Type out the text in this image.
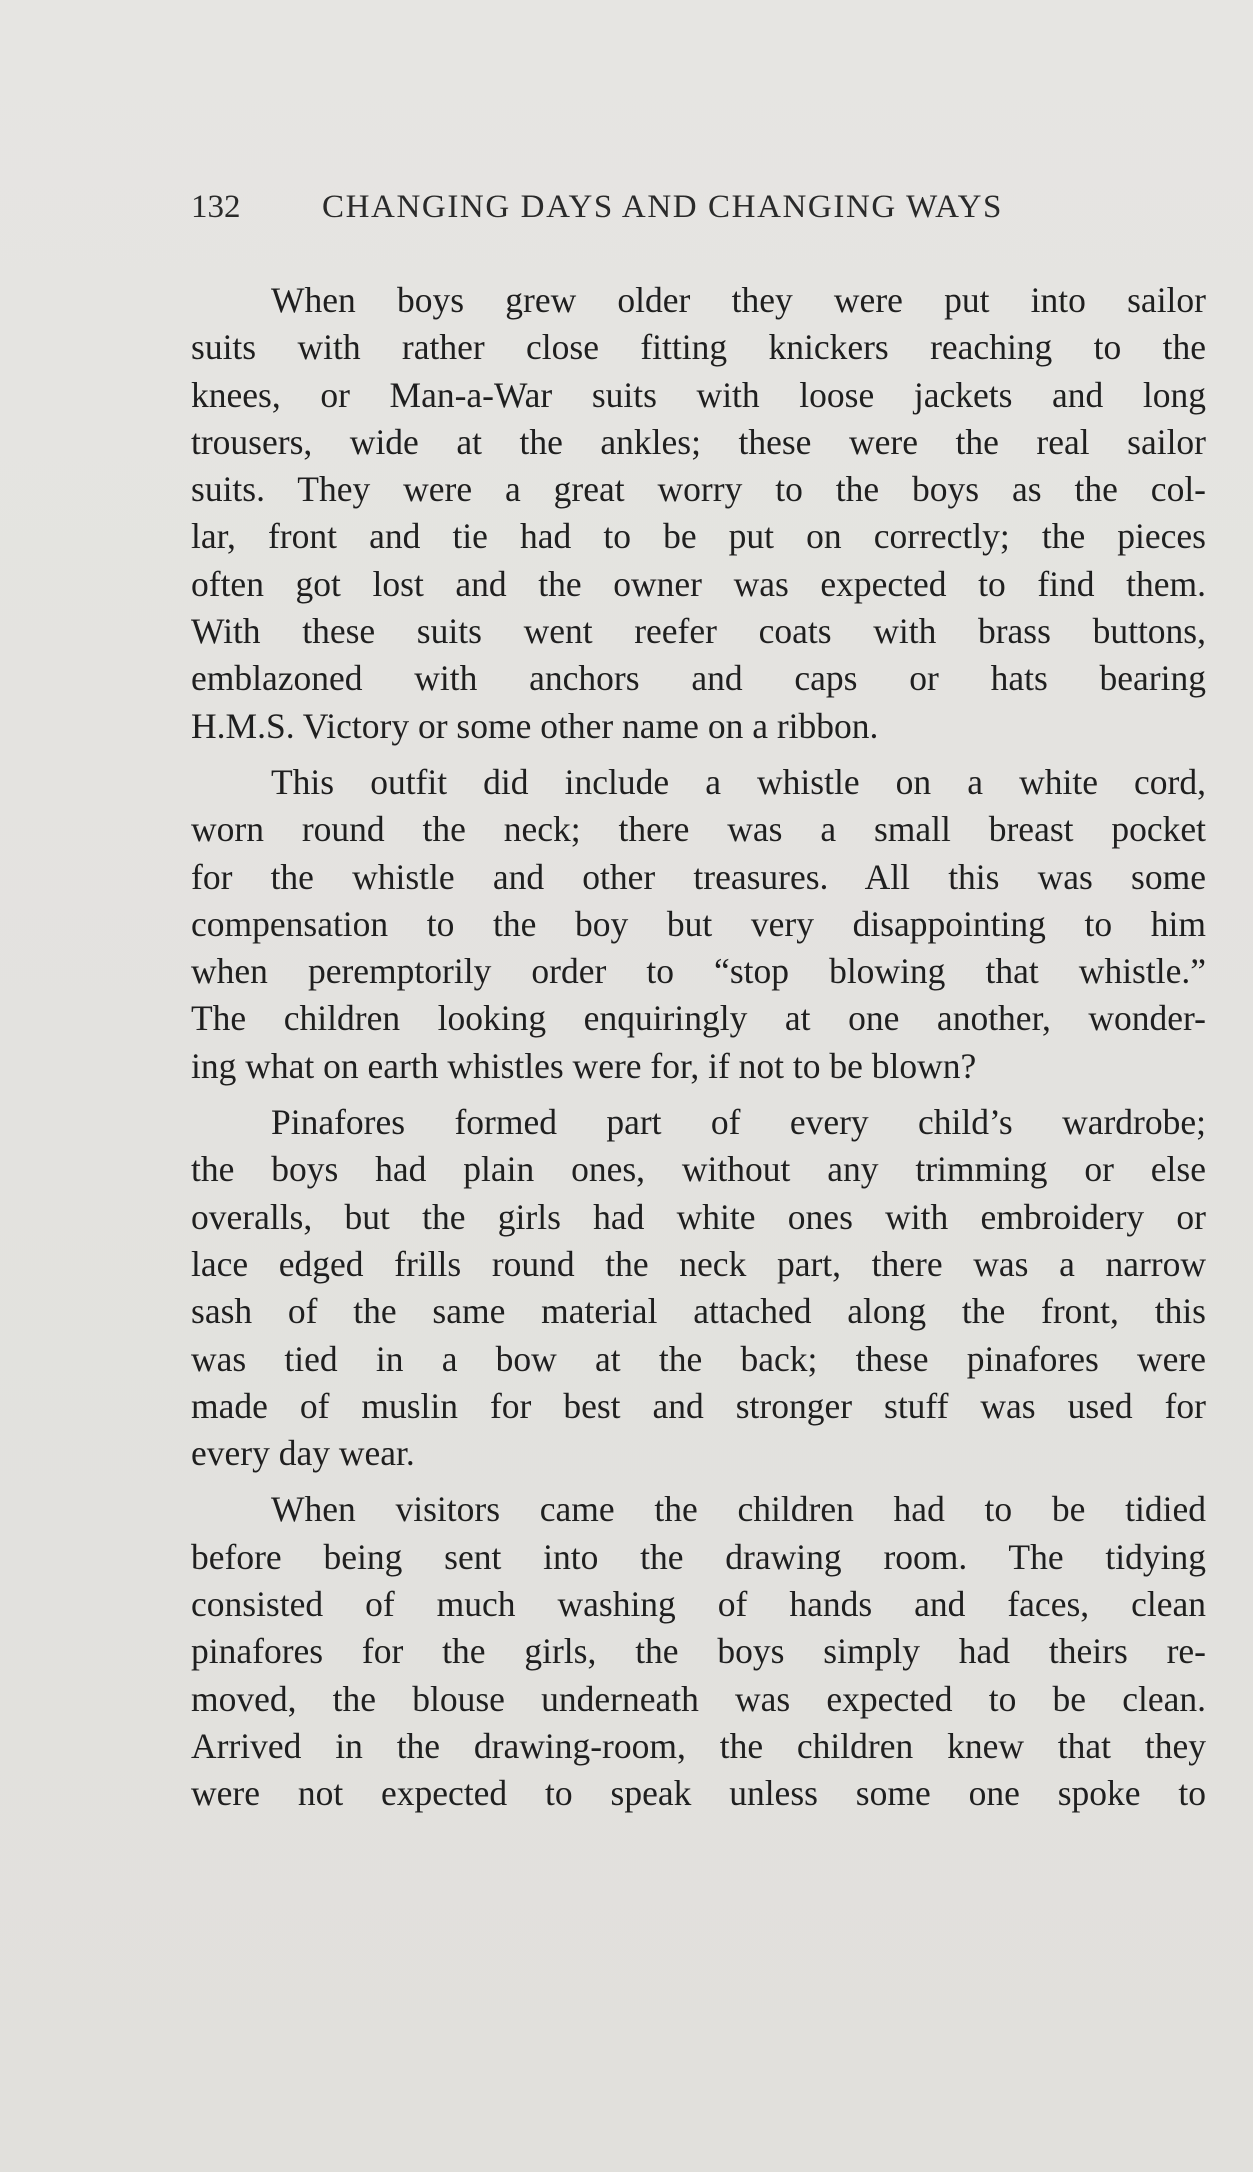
132 CHANGING DAYS AND CHANGING WAYS
When boys grew older they were put into sailor
suits with rather close fitting knickers reaching to the
knees, or Man-a-War suits with loose jackets and long
trousers, wide at the ankles; these were the real sailor
suits. They were a great worry to the boys as the col-
lar, front and tie had to be put on correctly; the pieces
often got lost and the owner was expected to find them.
With these suits went reefer coats with brass buttons,
emblazoned with anchors and caps or hats bearing
H.M.S. Victory or some other name on a ribbon.
This outfit did include a whistle on a white cord,
worn round the neck; there was a small breast pocket
for the whistle and other treasures. All this was some
compensation to the boy but very disappointing to him
when peremptorily order to “stop blowing that whistle.”
The children looking enquiringly at one another, wonder-
ing what on earth whistles were for, if not to be blown?
Pinafores formed part of every child’s wardrobe;
the boys had plain ones, without any trimming or else
overalls, but the girls had white ones with embroidery or
lace edged frills round the neck part, there was a narrow
sash of the same material attached along the front, this
was tied in a bow at the back; these pinafores were
made of muslin for best and stronger stuff was used for
every day wear.
When visitors came the children had to be tidied
before being sent into the drawing room. The tidying
consisted of much washing of hands and faces, clean
pinafores for the girls, the boys simply had theirs re-
moved, the blouse underneath was expected to be clean.
Arrived in the drawing-room, the children knew that they
were not expected to speak unless some one spoke to
